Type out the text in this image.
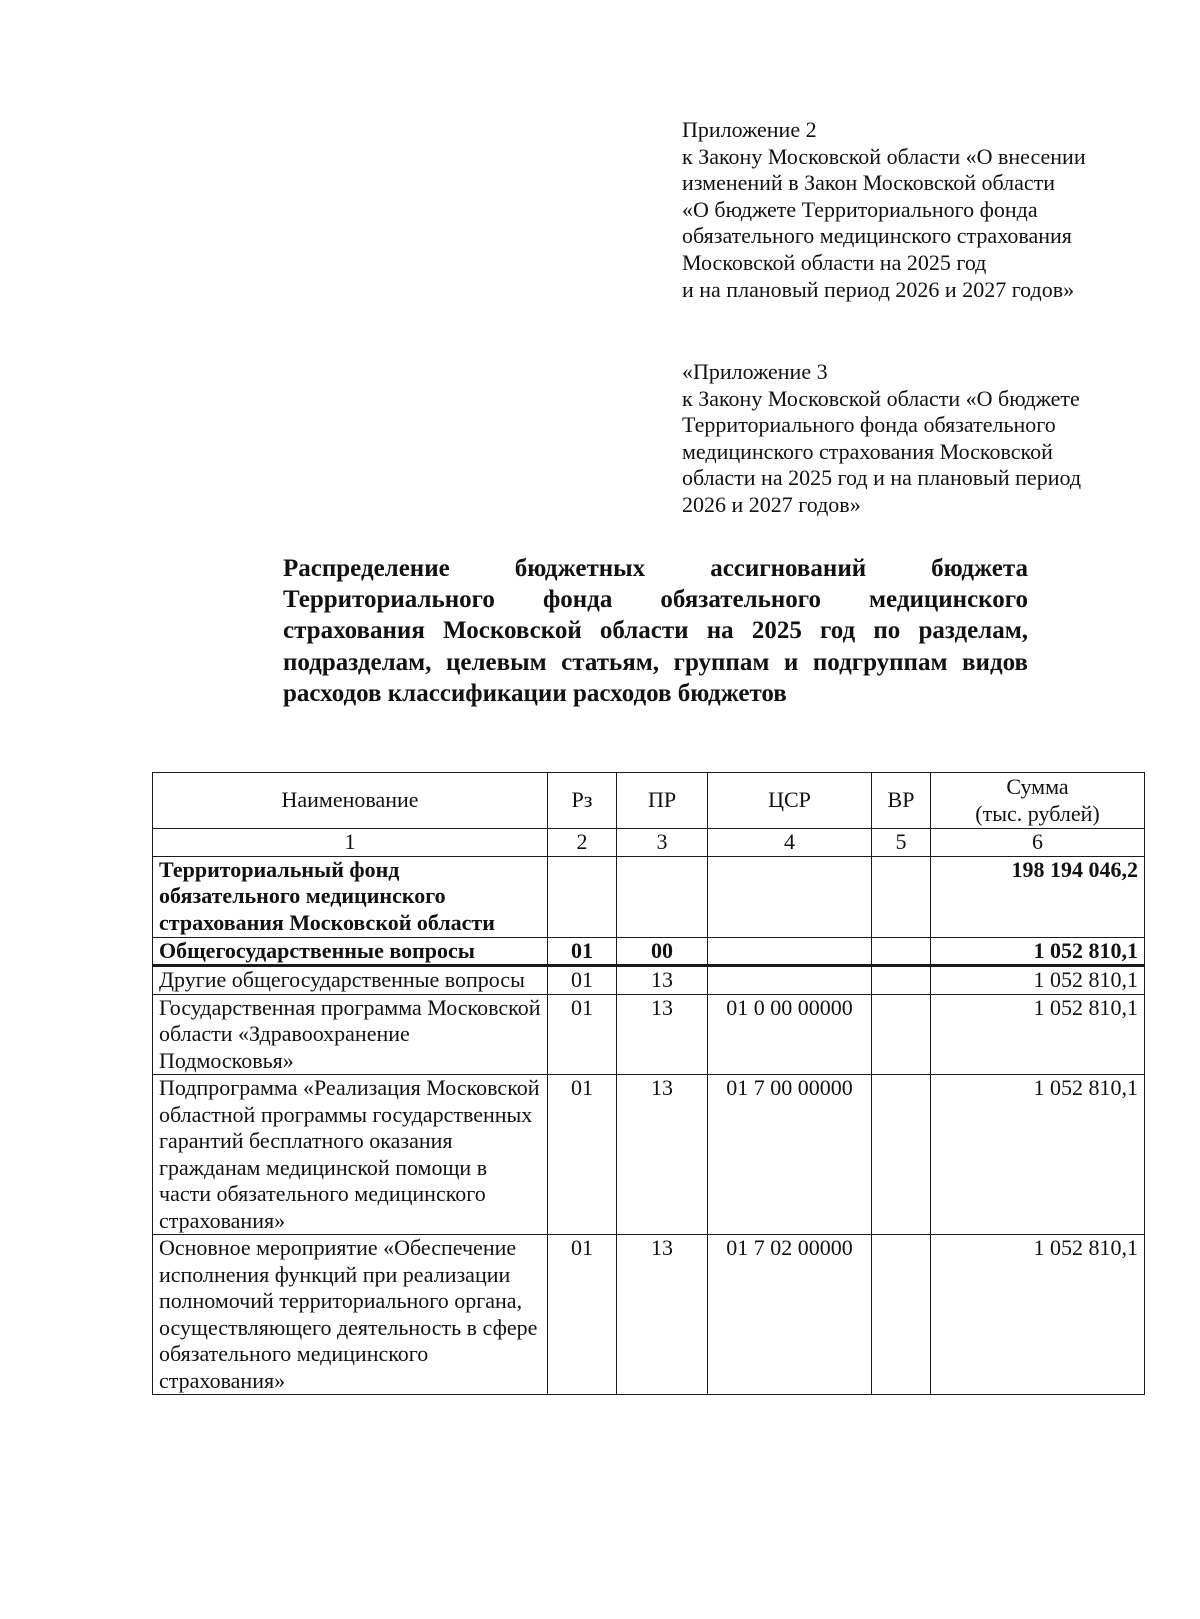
Приложение 2
к Закону Московской области «О внесении
изменений в Закон Московской области
«О бюджете Территориального фонда
обязательного медицинского страхования
Московской области на 2025 год
и на плановый период 2026 и 2027 годов»
«Приложение 3
к Закону Московской области «О бюджете
Территориального фонда обязательного
медицинского страхования Московской
области на 2025 год и на плановый период
2026 и 2027 годов»
Распределение бюджетных ассигнований бюджета Территориального фонда обязательного медицинского страхования Московской области на 2025 год по разделам, подразделам, целевым статьям, группам и подгруппам видов расходов классификации расходов бюджетов
Наименование	Рз	ПР	ЦСР	ВР	Сумма
(тыс. рублей)
1	2	3	4	5	6
Территориальный фонд обязательного медицинского страхования Московской области					198 194 046,2
Общегосударственные вопросы	01	00			1 052 810,1
Другие общегосударственные вопросы	01	13			1 052 810,1
Государственная программа Московской области «Здравоохранение Подмосковья»	01	13	01 0 00 00000		1 052 810,1
Подпрограмма «Реализация Московской областной программы государственных гарантий бесплатного оказания гражданам медицинской помощи в части обязательного медицинского страхования»	01	13	01 7 00 00000		1 052 810,1
Основное мероприятие «Обеспечение исполнения функций при реализации полномочий территориального органа, осуществляющего деятельность в сфере обязательного медицинского страхования»	01	13	01 7 02 00000		1 052 810,1
